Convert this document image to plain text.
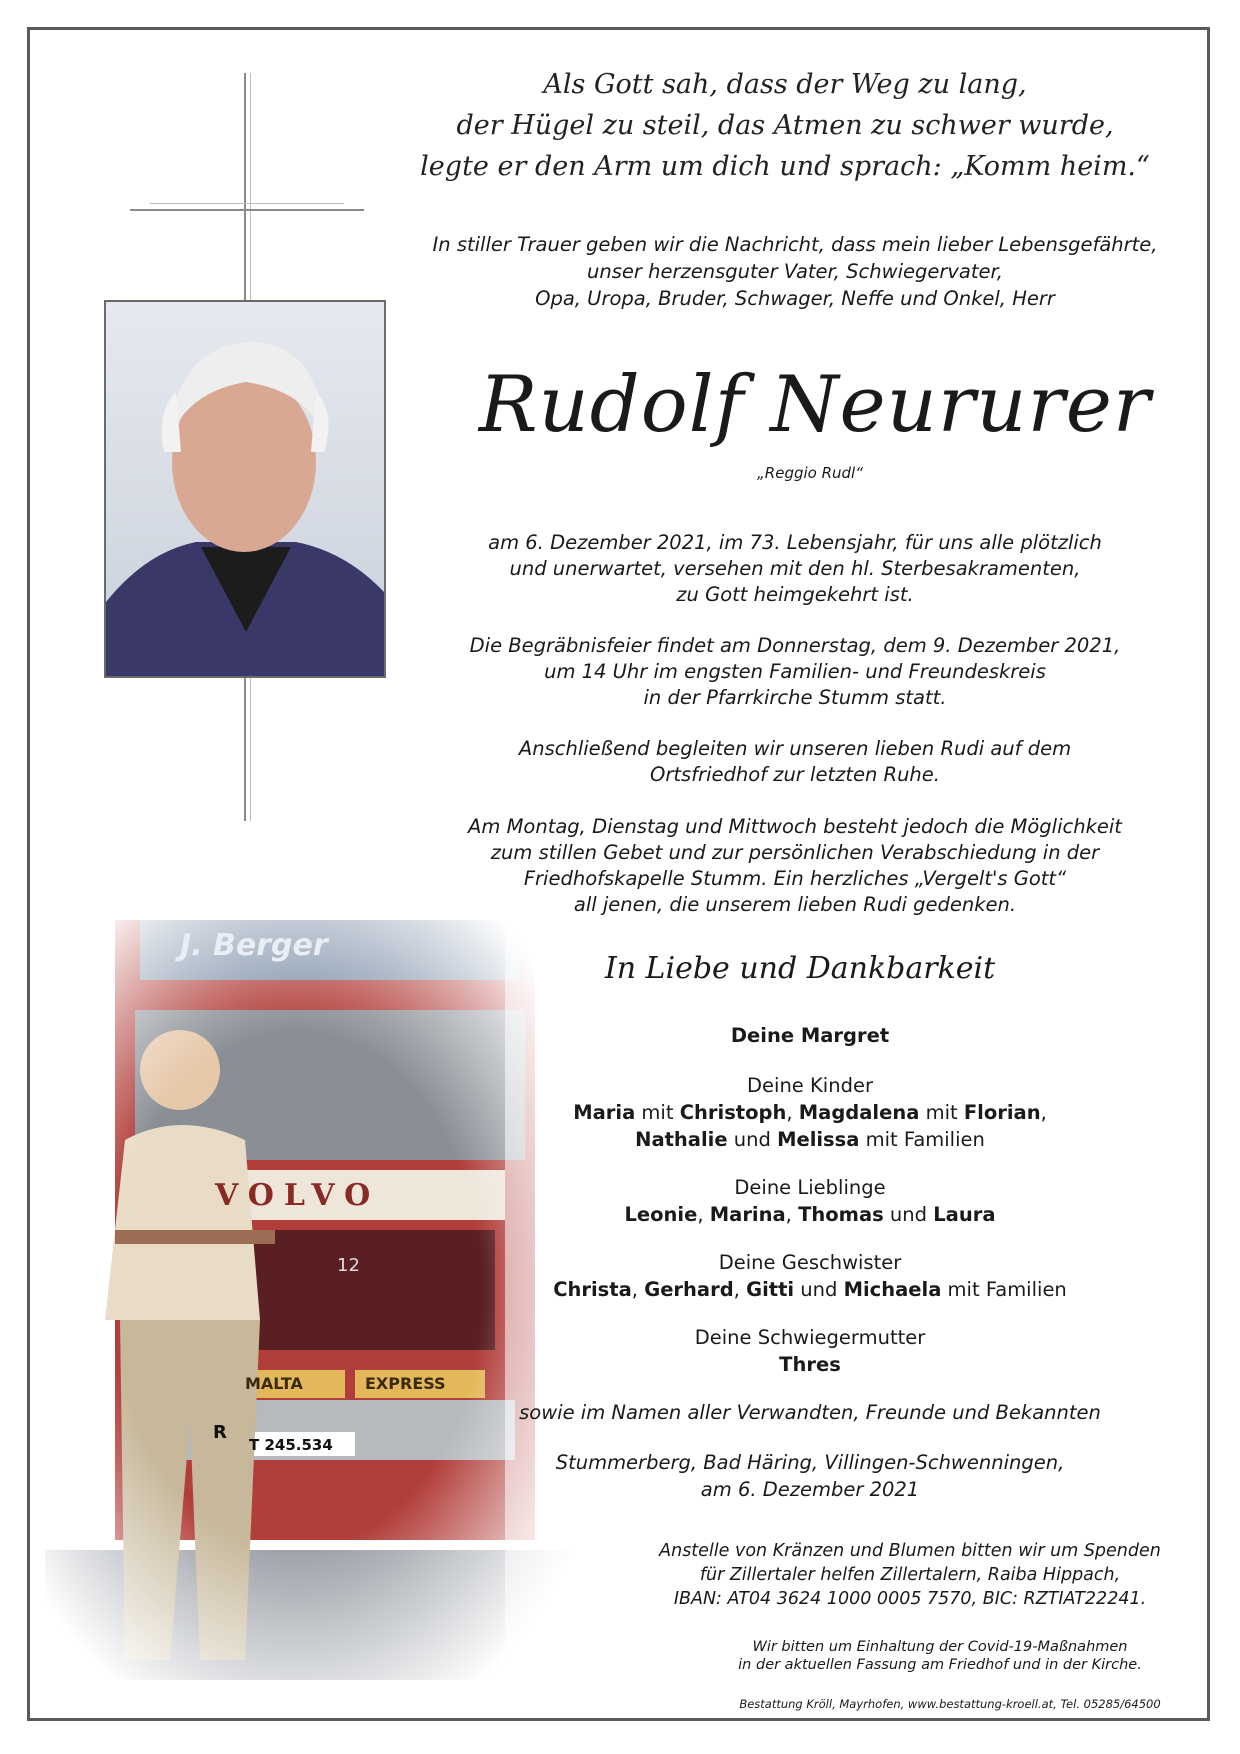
J. Berger
VOLVO
12
MALTA	EXPRESS
T 245.534
R
Als Gott sah, dass der Weg zu lang,
der Hügel zu steil, das Atmen zu schwer wurde,
legte er den Arm um dich und sprach: „Komm heim.“
In stiller Trauer geben wir die Nachricht, dass mein lieber Lebensgefährte,
unser herzensguter Vater, Schwiegervater,
Opa, Uropa, Bruder, Schwager, Neffe und Onkel, Herr
Rudolf Neururer
„Reggio Rudl“
am 6. Dezember 2021, im 73. Lebensjahr, für uns alle plötzlich
und unerwartet, versehen mit den hl. Sterbesakramenten,
zu Gott heimgekehrt ist.
Die Begräbnisfeier findet am Donnerstag, dem 9. Dezember 2021,
um 14 Uhr im engsten Familien- und Freundeskreis
in der Pfarrkirche Stumm statt.
Anschließend begleiten wir unseren lieben Rudi auf dem
Ortsfriedhof zur letzten Ruhe.
Am Montag, Dienstag und Mittwoch besteht jedoch die Möglichkeit
zum stillen Gebet und zur persönlichen Verabschiedung in der
Friedhofskapelle Stumm. Ein herzliches „Vergelt's Gott“
all jenen, die unserem lieben Rudi gedenken.
In Liebe und Dankbarkeit
Deine Margret
Deine Kinder
Maria mit Christoph, Magdalena mit Florian,
Nathalie und Melissa mit Familien
Deine Lieblinge
Leonie, Marina, Thomas und Laura
Deine Geschwister
Christa, Gerhard, Gitti und Michaela mit Familien
Deine Schwiegermutter
Thres
sowie im Namen aller Verwandten, Freunde und Bekannten
Stummerberg, Bad Häring, Villingen-Schwenningen,
am 6. Dezember 2021
Anstelle von Kränzen und Blumen bitten wir um Spenden
für Zillertaler helfen Zillertalern, Raiba Hippach,
IBAN: AT04 3624 1000 0005 7570, BIC: RZTIAT22241.
Wir bitten um Einhaltung der Covid-19-Maßnahmen
in der aktuellen Fassung am Friedhof und in der Kirche.
Bestattung Kröll, Mayrhofen, www.bestattung-kroell.at, Tel. 05285/64500
